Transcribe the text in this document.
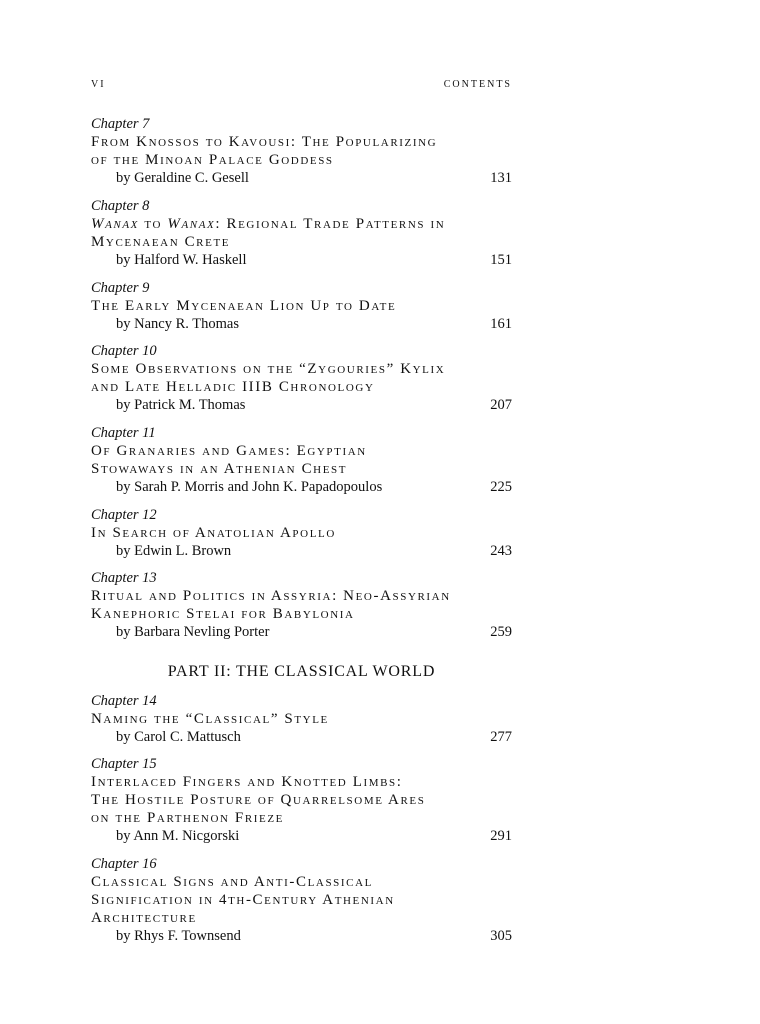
VI	CONTENTS
Chapter 7
From Knossos to Kavousi: The Popularizing
of the Minoan Palace Goddess
by Geraldine C. Gesell	131
Chapter 8
Wanax to Wanax: Regional Trade Patterns in
Mycenaean Crete
by Halford W. Haskell	151
Chapter 9
The Early Mycenaean Lion Up to Date
by Nancy R. Thomas	161
Chapter 10
Some Observations on the “Zygouries” Kylix
and Late Helladic IIIB Chronology
by Patrick M. Thomas	207
Chapter 11
Of Granaries and Games: Egyptian
Stowaways in an Athenian Chest
by Sarah P. Morris and John K. Papadopoulos	225
Chapter 12
In Search of Anatolian Apollo
by Edwin L. Brown	243
Chapter 13
Ritual and Politics in Assyria: Neo-Assyrian
Kanephoric Stelai for Babylonia
by Barbara Nevling Porter	259
PART II: THE CLASSICAL WORLD
Chapter 14
Naming the “Classical” Style
by Carol C. Mattusch	277
Chapter 15
Interlaced Fingers and Knotted Limbs:
The Hostile Posture of Quarrelsome Ares
on the Parthenon Frieze
by Ann M. Nicgorski	291
Chapter 16
Classical Signs and Anti-Classical
Signification in 4th-Century Athenian
Architecture
by Rhys F. Townsend	305
